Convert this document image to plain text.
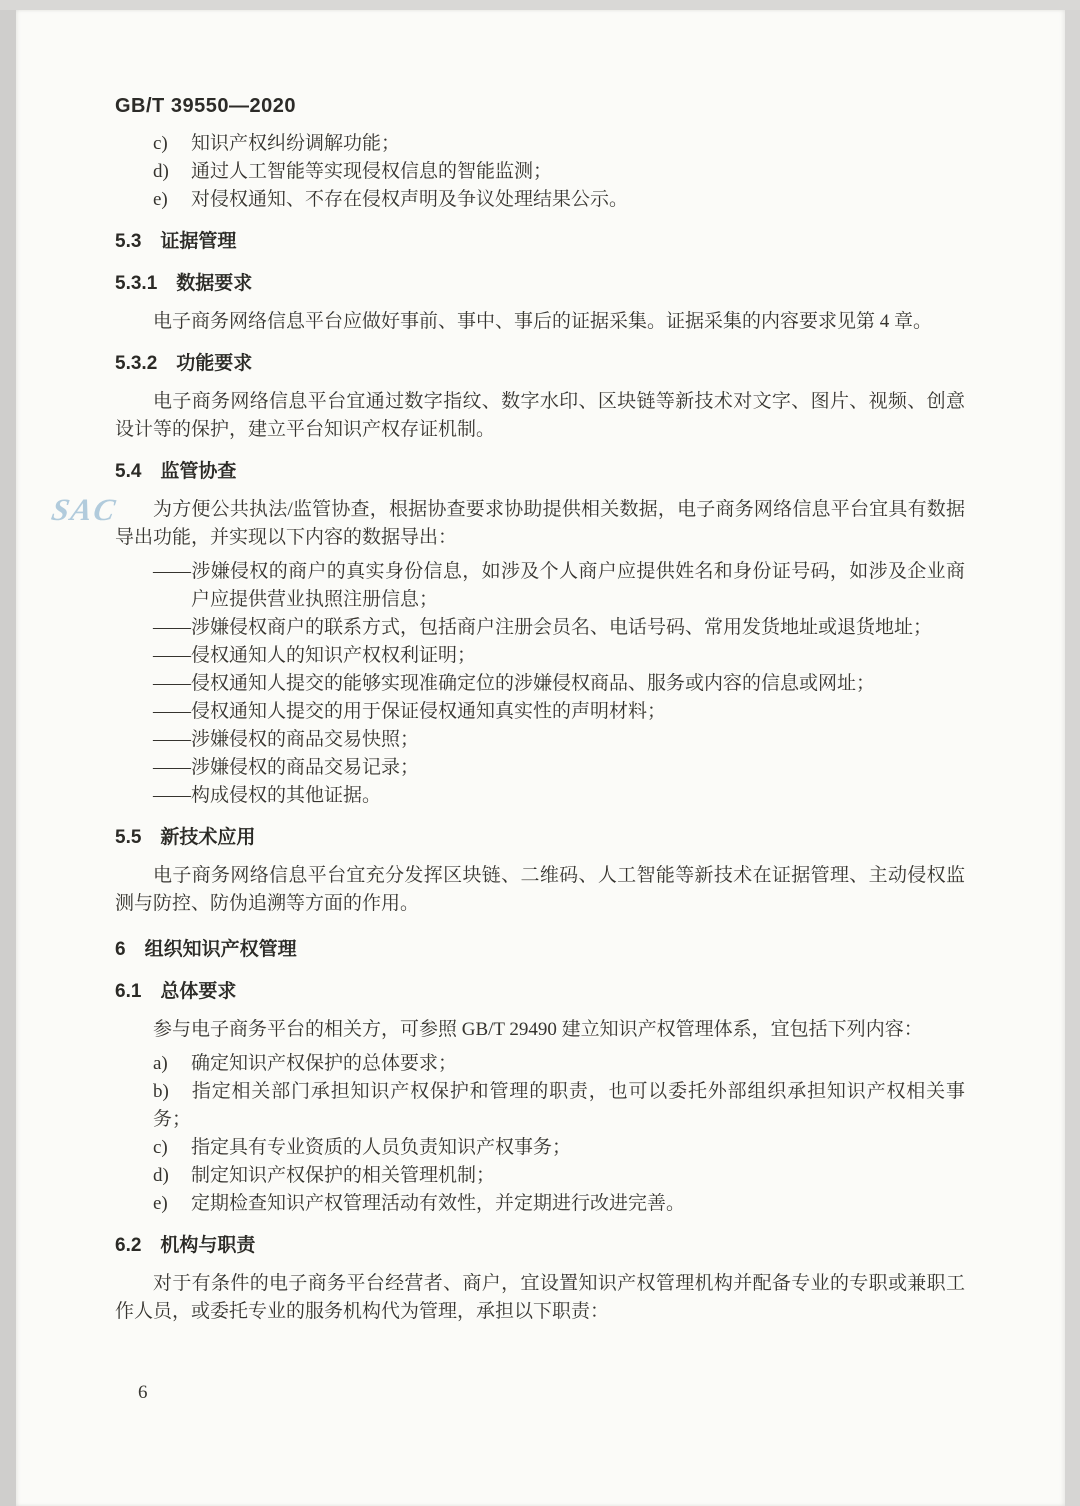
SAC
GB/T 39550—2020
c) 知识产权纠纷调解功能；
d) 通过人工智能等实现侵权信息的智能监测；
e) 对侵权通知、不存在侵权声明及争议处理结果公示。
5.3 证据管理
5.3.1 数据要求
电子商务网络信息平台应做好事前、事中、事后的证据采集。证据采集的内容要求见第 4 章。
5.3.2 功能要求
电子商务网络信息平台宜通过数字指纹、数字水印、区块链等新技术对文字、图片、视频、创意设计等的保护，建立平台知识产权存证机制。
5.4 监管协查
为方便公共执法/监管协查，根据协查要求协助提供相关数据，电子商务网络信息平台宜具有数据导出功能，并实现以下内容的数据导出：
——涉嫌侵权的商户的真实身份信息，如涉及个人商户应提供姓名和身份证号码，如涉及企业商户应提供营业执照注册信息；
——涉嫌侵权商户的联系方式，包括商户注册会员名、电话号码、常用发货地址或退货地址；
——侵权通知人的知识产权权利证明；
——侵权通知人提交的能够实现准确定位的涉嫌侵权商品、服务或内容的信息或网址；
——侵权通知人提交的用于保证侵权通知真实性的声明材料；
——涉嫌侵权的商品交易快照；
——涉嫌侵权的商品交易记录；
——构成侵权的其他证据。
5.5 新技术应用
电子商务网络信息平台宜充分发挥区块链、二维码、人工智能等新技术在证据管理、主动侵权监测与防控、防伪追溯等方面的作用。
6 组织知识产权管理
6.1 总体要求
参与电子商务平台的相关方，可参照 GB/T 29490 建立知识产权管理体系，宜包括下列内容：
a) 确定知识产权保护的总体要求；
b) 指定相关部门承担知识产权保护和管理的职责，也可以委托外部组织承担知识产权相关事务；
c) 指定具有专业资质的人员负责知识产权事务；
d) 制定知识产权保护的相关管理机制；
e) 定期检查知识产权管理活动有效性，并定期进行改进完善。
6.2 机构与职责
对于有条件的电子商务平台经营者、商户，宜设置知识产权管理机构并配备专业的专职或兼职工作人员，或委托专业的服务机构代为管理，承担以下职责：
6
